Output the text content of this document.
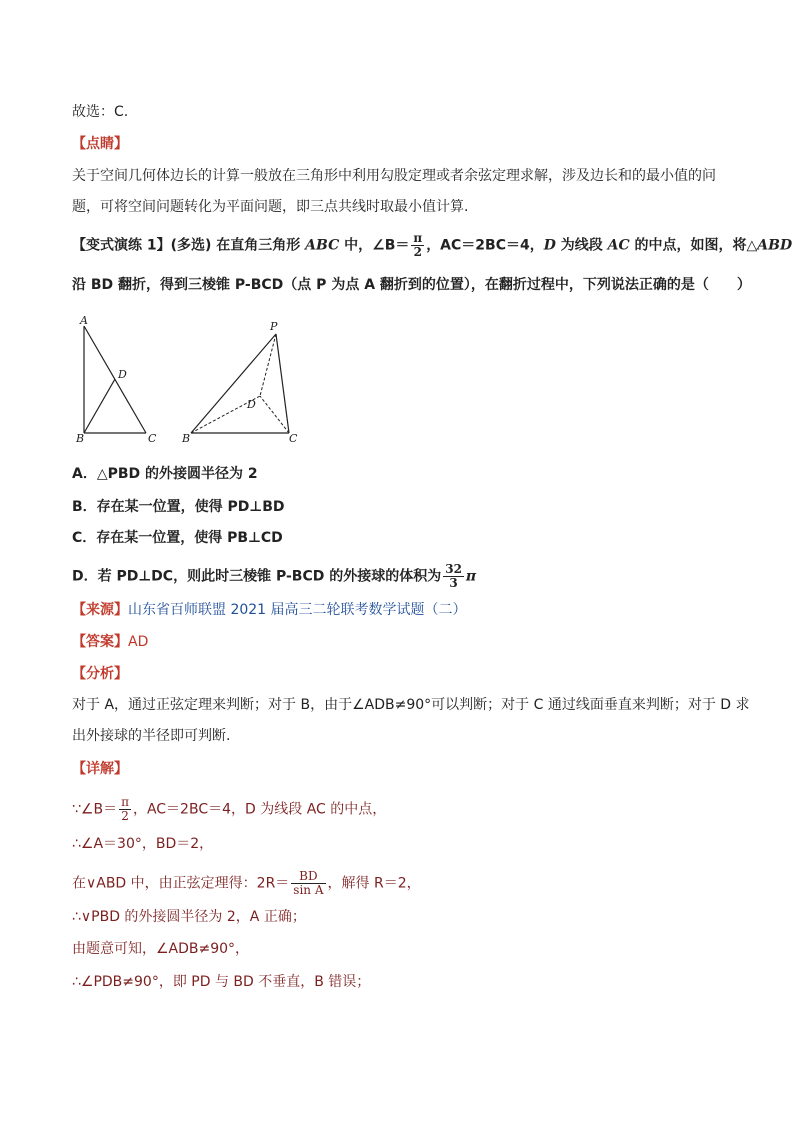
故选：C.
【点睛】
关于空间几何体边长的计算一般放在三角形中利用勾股定理或者余弦定理求解，涉及边长和的最小值的问
题，可将空间问题转化为平面问题，即三点共线时取最小值计算.
【变式演练 1】(多选) 在直角三角形 ABC 中，∠B＝ $\frac{\pi}{2}$ ，AC＝2BC＝4，D 为线段 AC 的中点，如图，将△ABD
沿 BD 翻折，得到三棱锥 P-BCD（点 P 为点 A 翻折到的位置），在翻折过程中，下列说法正确的是（　　）
A
D
B	C
P
D
B	C
A．△PBD 的外接圆半径为 2
B．存在某一位置，使得 PD⊥BD
C．存在某一位置，使得 PB⊥CD
D．若 PD⊥DC，则此时三棱锥 P-BCD 的外接球的体积为 $\frac{32}{3}$ π
【来源】山东省百师联盟 2021 届高三二轮联考数学试题（二）
【答案】AD
【分析】
对于 A，通过正弦定理来判断；对于 B，由于∠ADB≠90°可以判断；对于 C 通过线面垂直来判断；对于 D 求
出外接球的半径即可判断.
【详解】
∵∠B＝ $\frac{\pi}{2}$ ，AC＝2BC＝4，D 为线段 AC 的中点，
∴∠A＝30°，BD＝2，
在∨ABD 中，由正弦定理得：$2R= \frac{BD}{\text{sin A}}$ ，解得 R＝2，
∴∨PBD 的外接圆半径为 2，A 正确；
由题意可知，∠ADB≠90°，
∴∠PDB≠90°，即 PD 与 BD 不垂直，B 错误；
